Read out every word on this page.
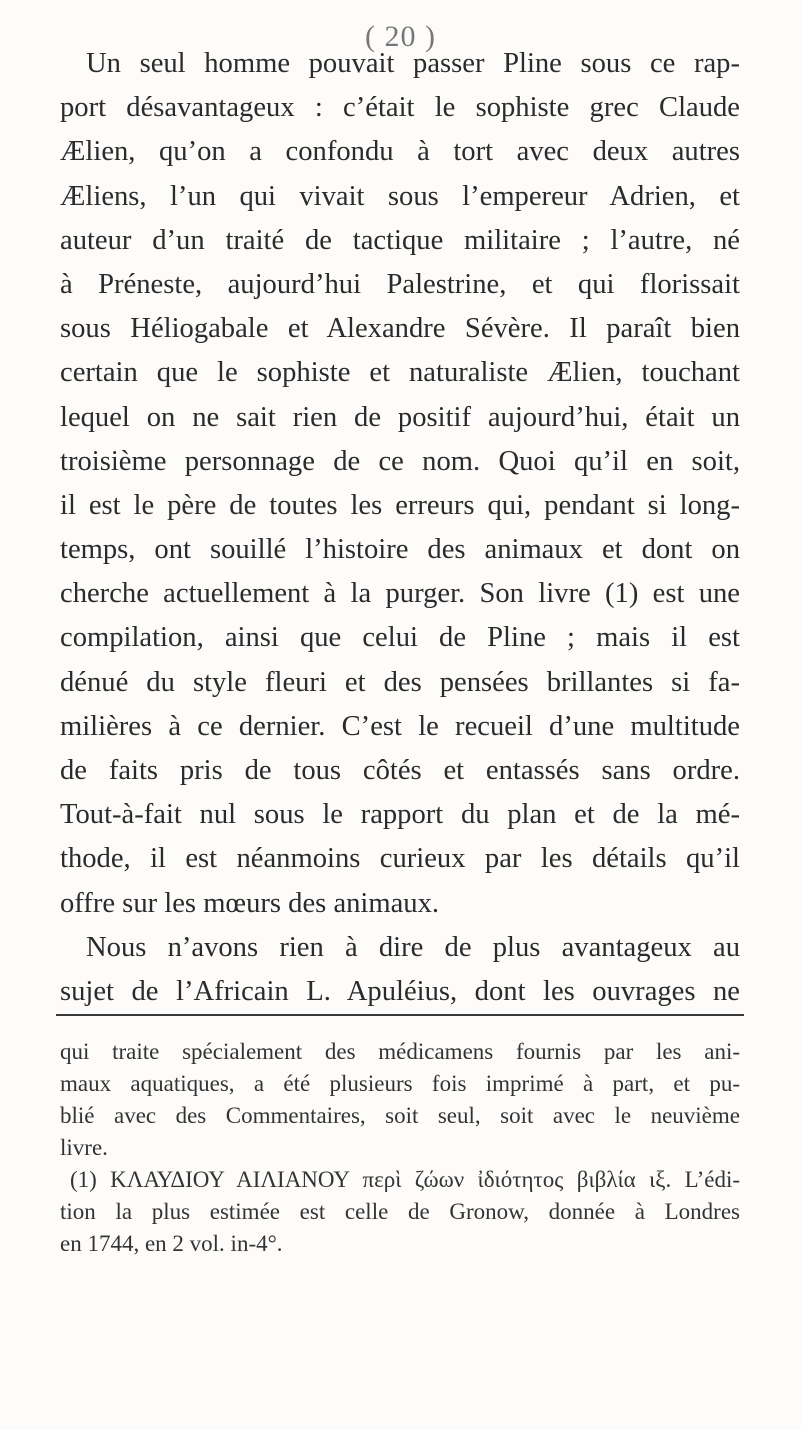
( 20 )
Un seul homme pouvait passer Pline sous ce rap-
port désavantageux : c’était le sophiste grec Claude
Ælien, qu’on a confondu à tort avec deux autres
Æliens, l’un qui vivait sous l’empereur Adrien, et
auteur d’un traité de tactique militaire ; l’autre, né
à Préneste, aujourd’hui Palestrine, et qui florissait
sous Héliogabale et Alexandre Sévère. Il paraît bien
certain que le sophiste et naturaliste Ælien, touchant
lequel on ne sait rien de positif aujourd’hui, était un
troisième personnage de ce nom. Quoi qu’il en soit,
il est le père de toutes les erreurs qui, pendant si long-
temps, ont souillé l’histoire des animaux et dont on
cherche actuellement à la purger. Son livre (1) est une
compilation, ainsi que celui de Pline ; mais il est
dénué du style fleuri et des pensées brillantes si fa-
milières à ce dernier. C’est le recueil d’une multitude
de faits pris de tous côtés et entassés sans ordre.
Tout-à-fait nul sous le rapport du plan et de la mé-
thode, il est néanmoins curieux par les détails qu’il
offre sur les mœurs des animaux.
Nous n’avons rien à dire de plus avantageux au
sujet de l’Africain L. Apuléius, dont les ouvrages ne
qui traite spécialement des médicamens fournis par les ani-
maux aquatiques, a été plusieurs fois imprimé à part, et pu-
blié avec des Commentaires, soit seul, soit avec le neuvième
livre.
(1) ΚΛΑΥΔΙΟΥ ΑΙΛΙΑΝΟΥ περὶ ζώων ἰδιότητος βιβλία ιξ. L’édi-
tion la plus estimée est celle de Gronow, donnée à Londres
en 1744, en 2 vol. in-4°.
